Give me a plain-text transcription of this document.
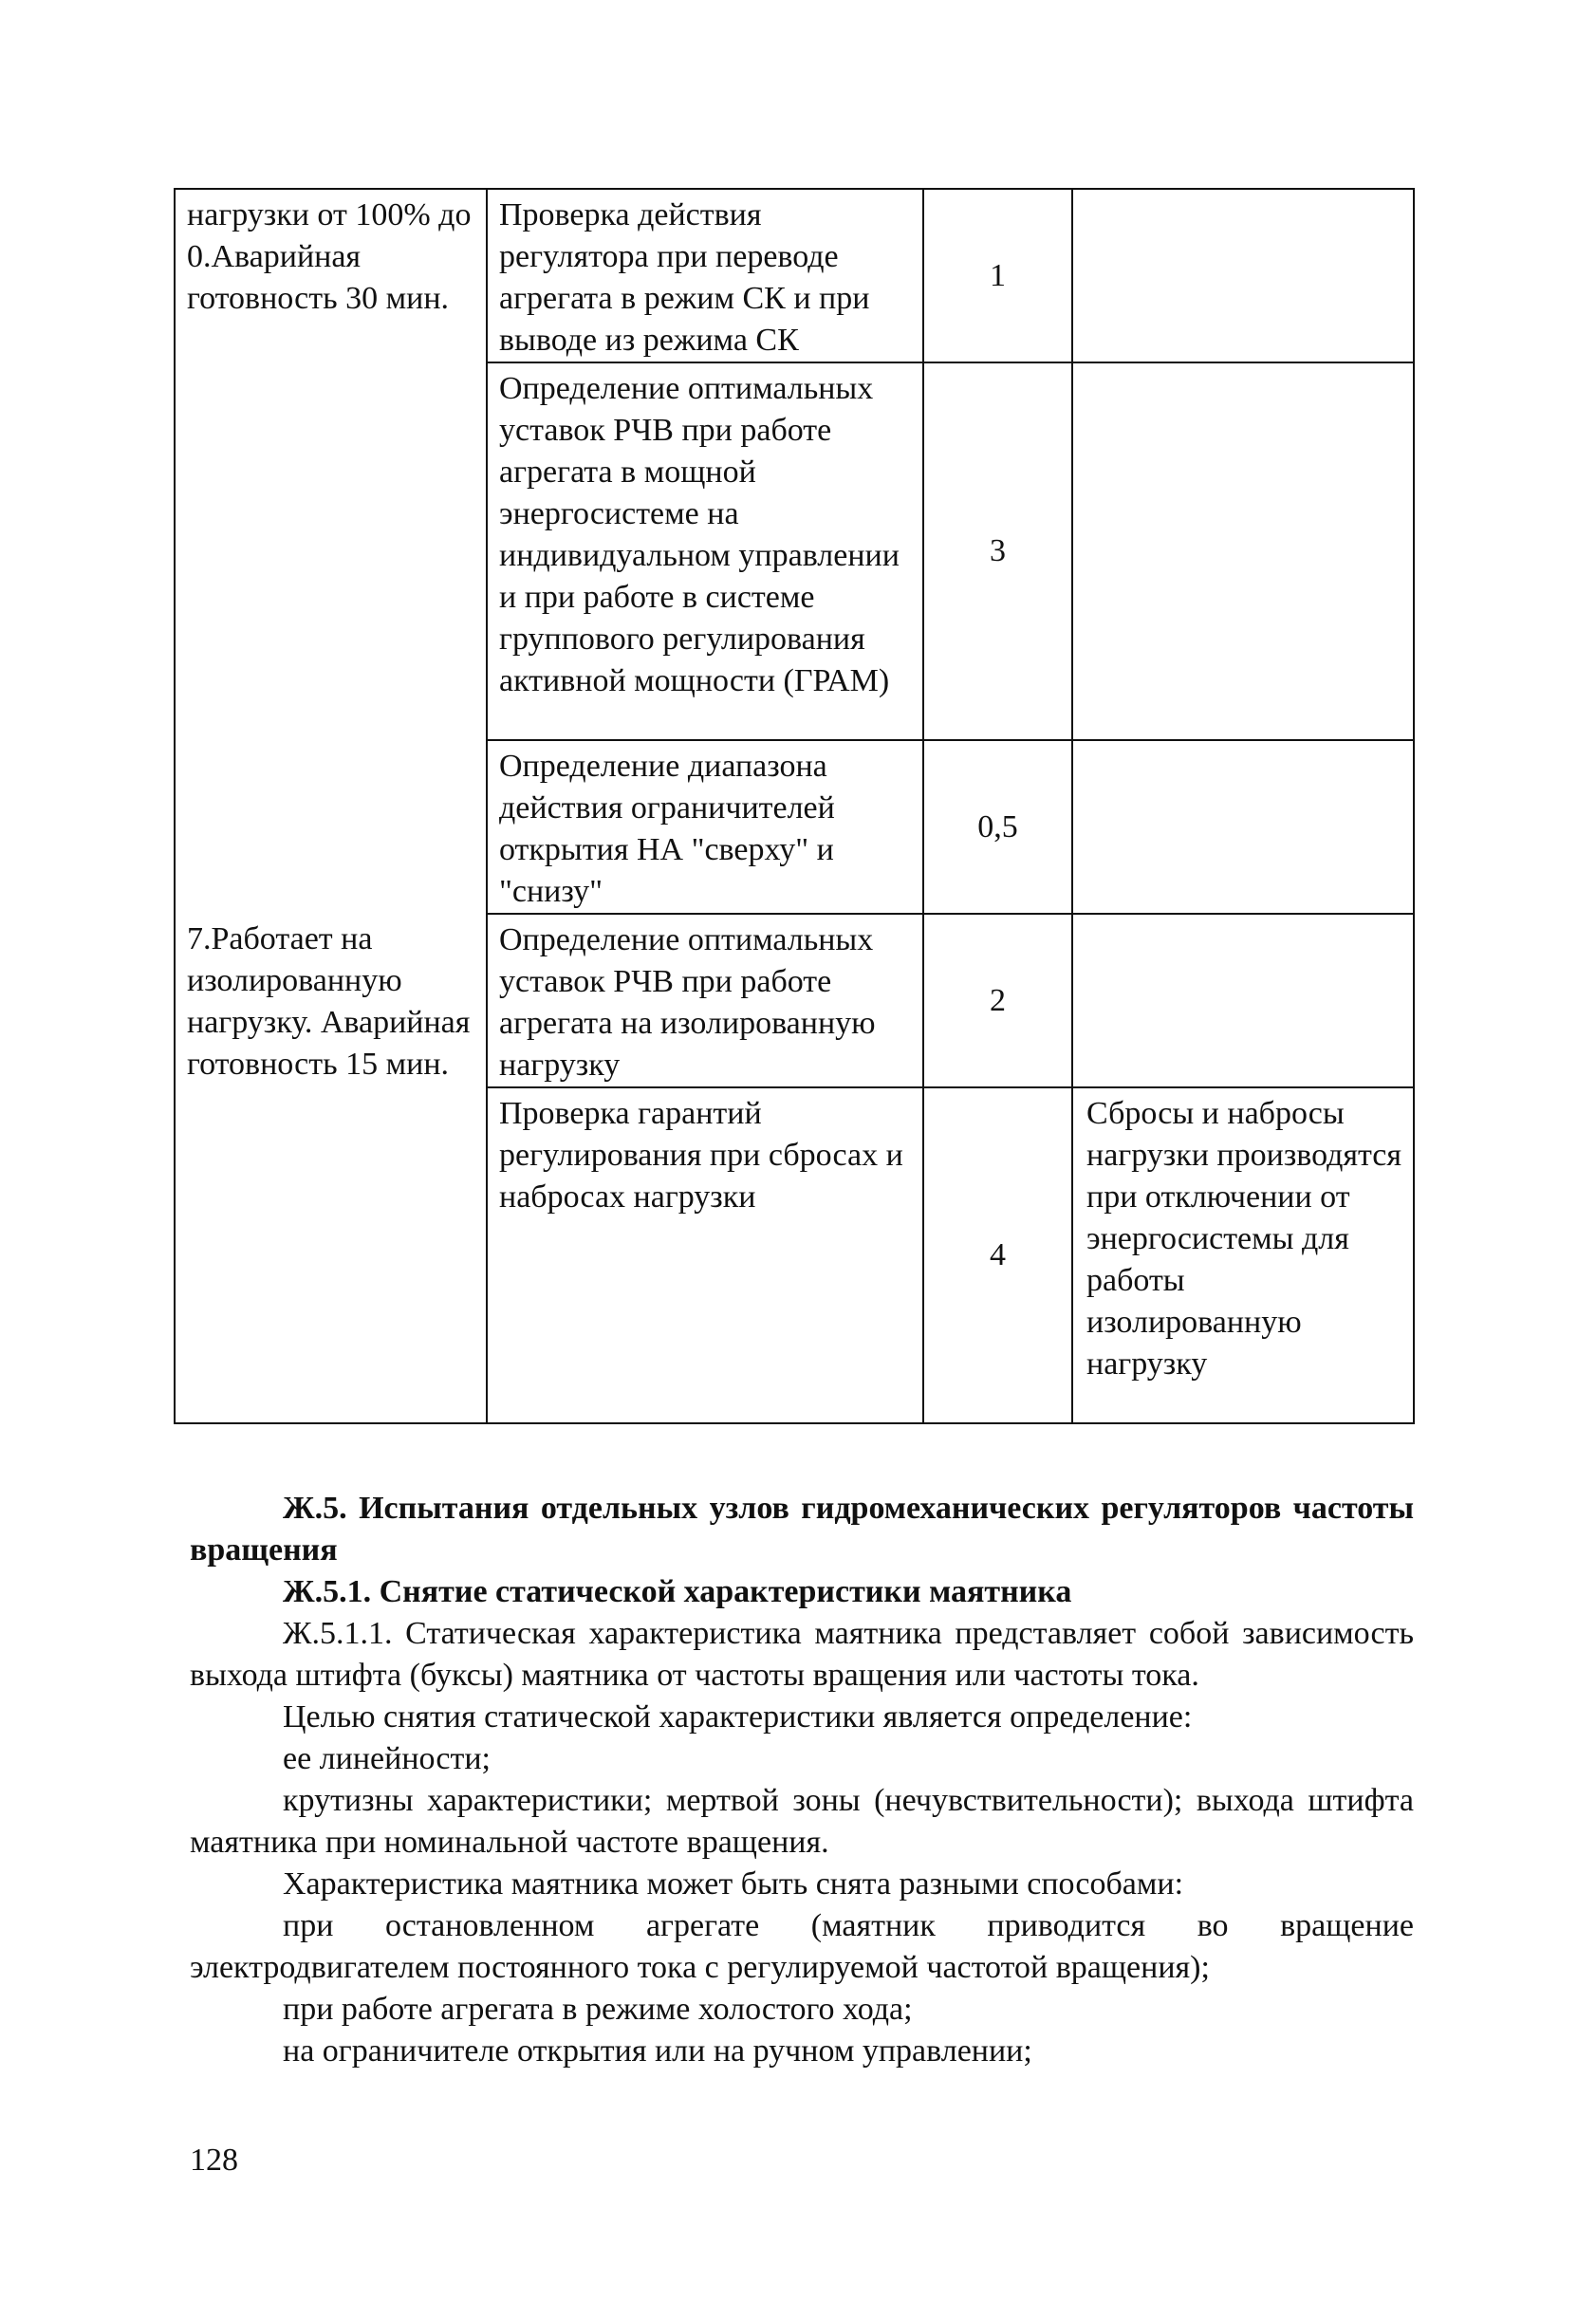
нагрузки от 100% до 0.Аварийная готовность 30 мин.	Проверка действия регулятора при переводе агрегата в режим СК и при выводе из режима СК	1	
	Определение оптимальных уставок РЧВ при работе агрегата в мощной энергосистеме на индивидуальном управлении и при работе в системе группового регулирования активной мощности (ГРАМ)	3	
	Определение диапазона действия ограничителей открытия НА "сверху" и "снизу"	0,5	
7.Работает на изолированную нагрузку. Аварийная готовность 15 мин.	Определение оптимальных уставок РЧВ при работе агрегата на изолированную нагрузку	2	
	Проверка гарантий регулирования при сбросах и набросах нагрузки	4	Сбросы и набросы нагрузки производятся при отключении от энергосистемы для работы изолированную нагрузку

Ж.5. Испытания отдельных узлов гидромеханических регуляторов частоты вращения

Ж.5.1. Снятие статической характеристики маятника

Ж.5.1.1. Статическая характеристика маятника представляет собой зависимость выхода штифта (буксы) маятника от частоты вращения или частоты тока.

Целью снятия статической характеристики является определение:

ее линейности;

крутизны характеристики; мертвой зоны (нечувствительности); выхода штифта маятника при номинальной частоте вращения.

Характеристика маятника может быть снята разными способами:

при остановленном агрегате (маятник приводится во вращение электродвигателем постоянного тока с регулируемой частотой вращения);

при работе агрегата в режиме холостого хода;

на ограничителе открытия или на ручном управлении;

128
